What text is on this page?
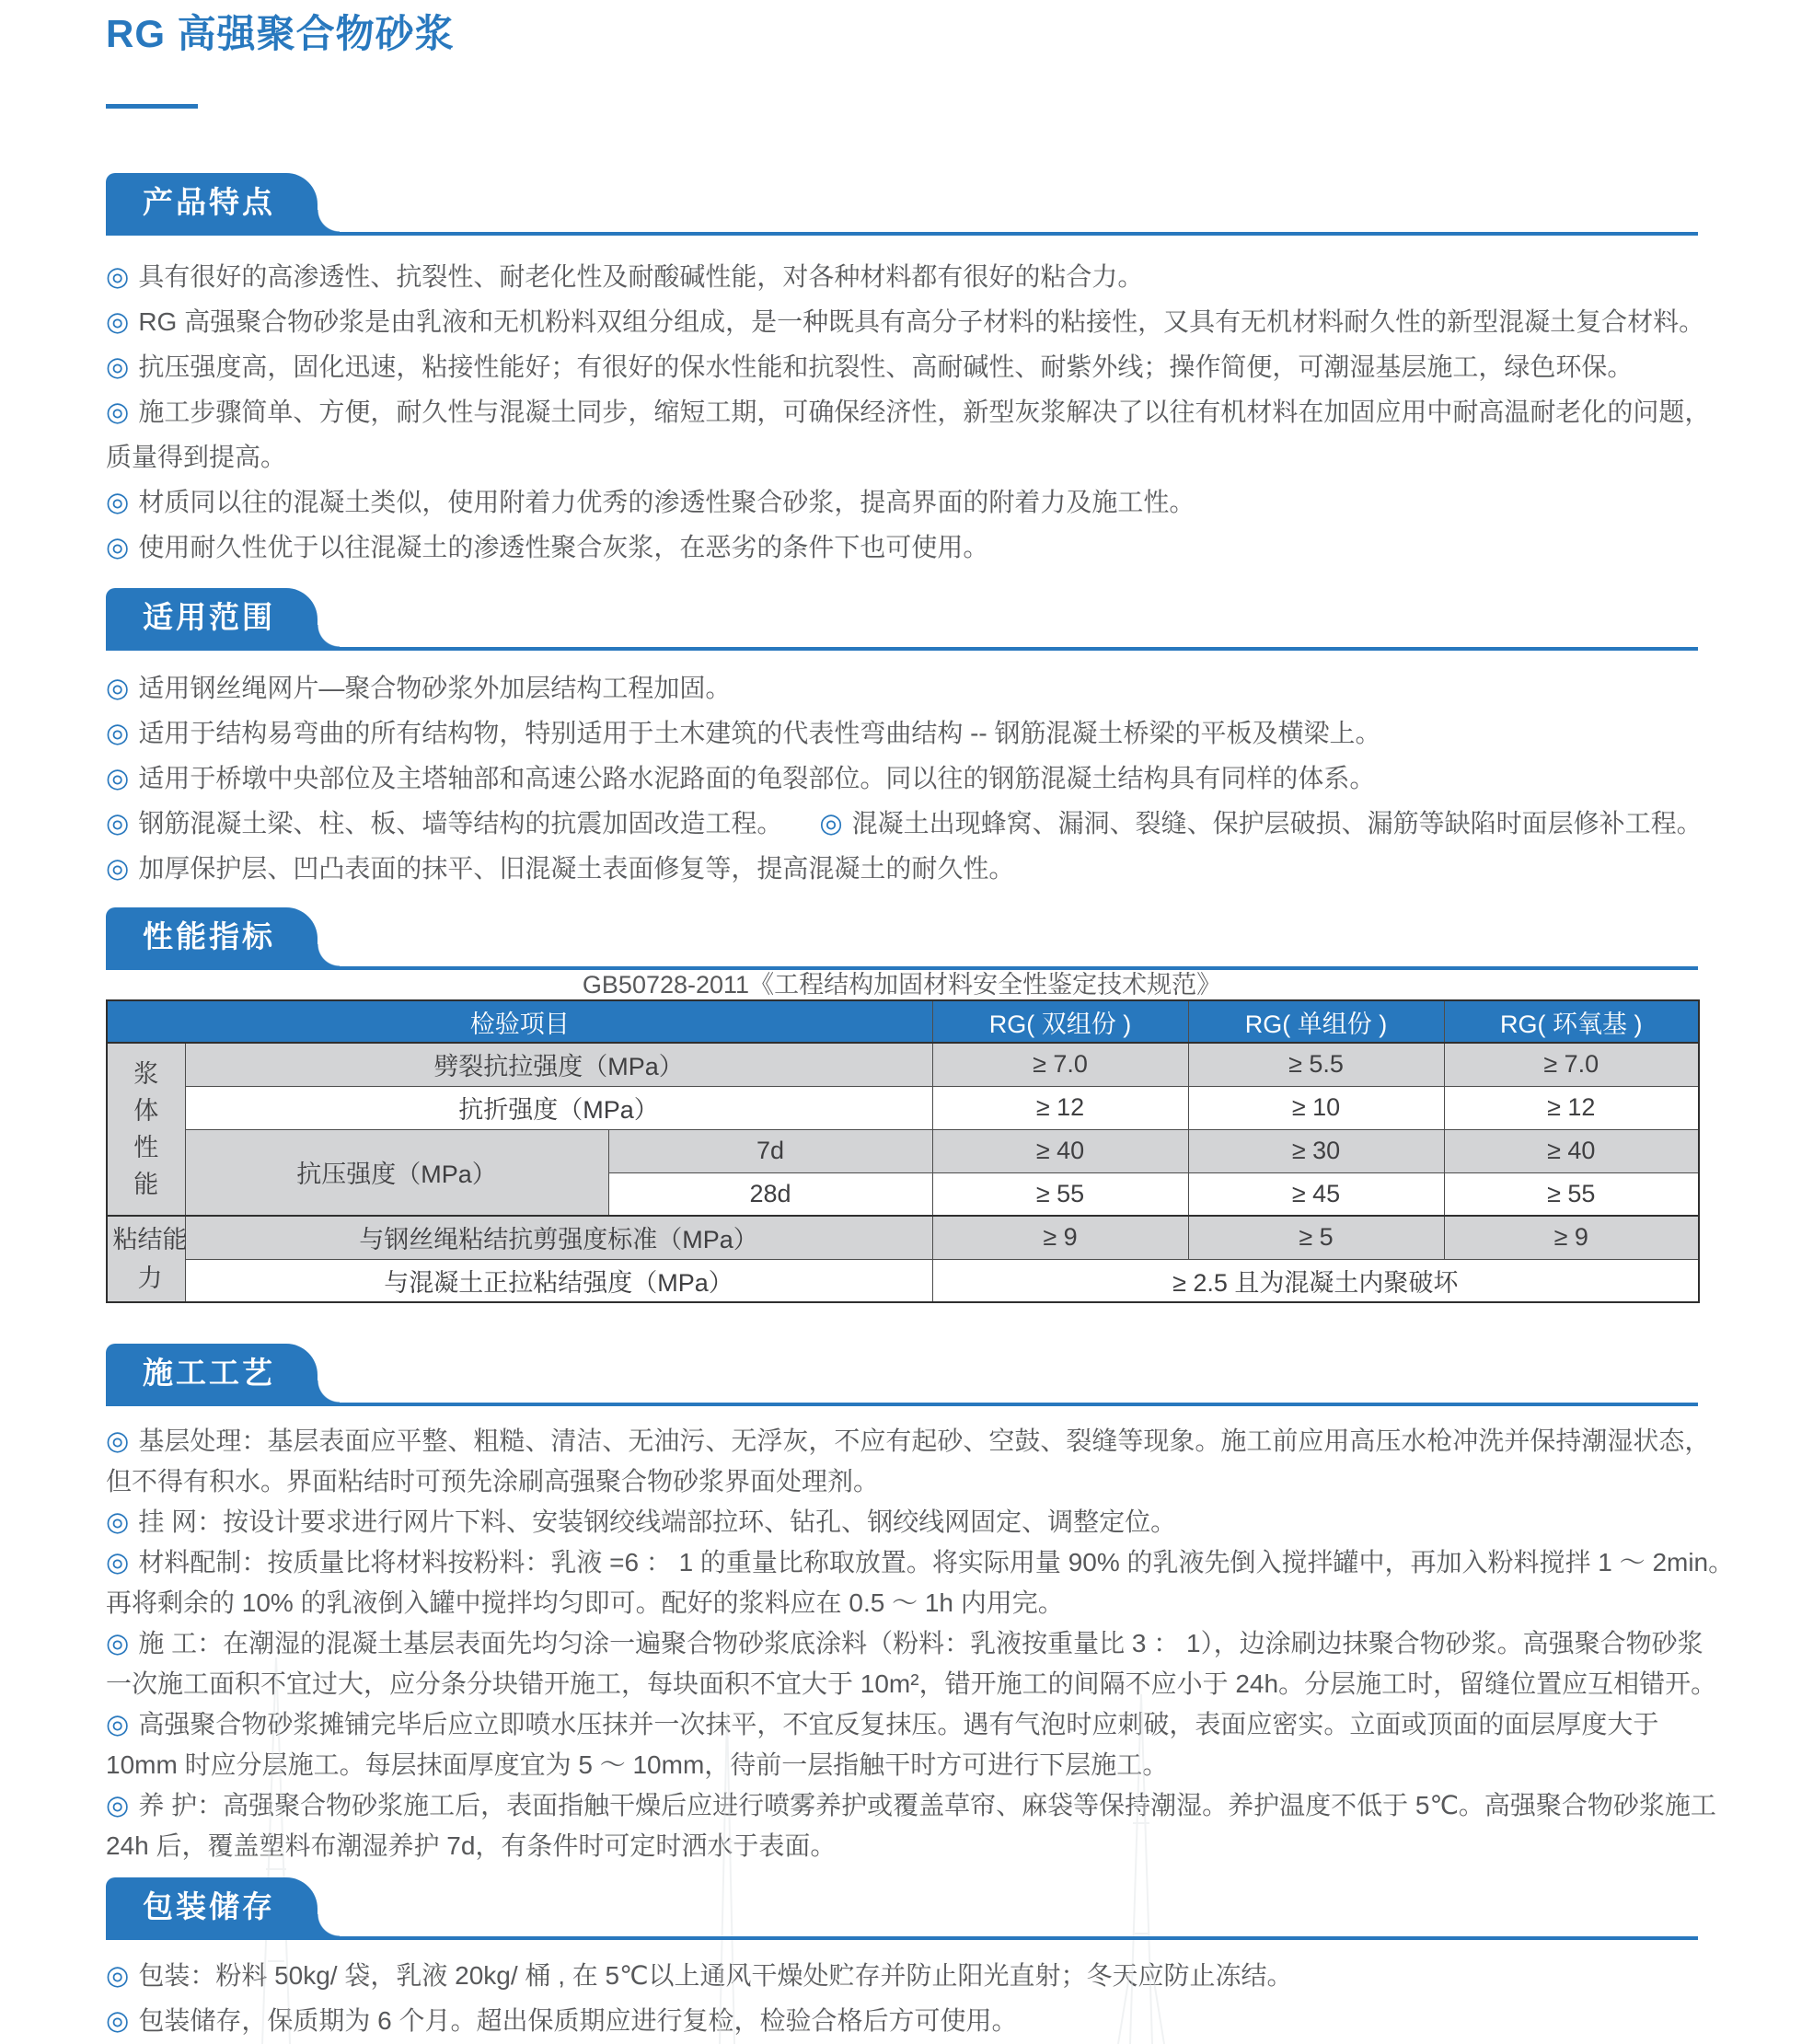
RG 高强聚合物砂浆
产品特点
◎ 具有很好的高渗透性、抗裂性、耐老化性及耐酸碱性能，对各种材料都有很好的粘合力。
◎ RG 高强聚合物砂浆是由乳液和无机粉料双组分组成，是一种既具有高分子材料的粘接性，又具有无机材料耐久性的新型混凝土复合材料。
◎ 抗压强度高，固化迅速，粘接性能好；有很好的保水性能和抗裂性、高耐碱性、耐紫外线；操作简便，可潮湿基层施工，绿色环保。
◎ 施工步骤简单、方便，耐久性与混凝土同步，缩短工期，可确保经济性，新型灰浆解决了以往有机材料在加固应用中耐高温耐老化的问题，
质量得到提高。
◎ 材质同以往的混凝土类似，使用附着力优秀的渗透性聚合砂浆，提高界面的附着力及施工性。
◎ 使用耐久性优于以往混凝土的渗透性聚合灰浆，在恶劣的条件下也可使用。
适用范围
◎ 适用钢丝绳网片—聚合物砂浆外加层结构工程加固。
◎ 适用于结构易弯曲的所有结构物，特别适用于土木建筑的代表性弯曲结构 -- 钢筋混凝土桥梁的平板及横梁上。
◎ 适用于桥墩中央部位及主塔轴部和高速公路水泥路面的龟裂部位。同以往的钢筋混凝土结构具有同样的体系。
◎ 钢筋混凝土梁、柱、板、墙等结构的抗震加固改造工程。 ◎ 混凝土出现蜂窝、漏洞、裂缝、保护层破损、漏筋等缺陷时面层修补工程。
◎ 加厚保护层、凹凸表面的抹平、旧混凝土表面修复等，提高混凝土的耐久性。
性能指标
GB50728-2011《工程结构加固材料安全性鉴定技术规范》
检验项目			RG( 双组份 )	RG( 单组份 )	RG( 环氧基 )
浆体性能	劈裂抗拉强度（MPa）		≥ 7.0	≥ 5.5	≥ 7.0
	抗折强度（MPa）		≥ 12	≥ 10	≥ 12
	抗压强度（MPa）	7d	≥ 40	≥ 30	≥ 40
		28d	≥ 55	≥ 45	≥ 55
粘结能力	与钢丝绳粘结抗剪强度标准（MPa）		≥ 9	≥ 5	≥ 9
	与混凝土正拉粘结强度（MPa）		≥ 2.5 且为混凝土内聚破坏		
施工工艺
◎ 基层处理：基层表面应平整、粗糙、清洁、无油污、无浮灰，不应有起砂、空鼓、裂缝等现象。施工前应用高压水枪冲洗并保持潮湿状态，
但不得有积水。界面粘结时可预先涂刷高强聚合物砂浆界面处理剂。
◎ 挂 网：按设计要求进行网片下料、安装钢绞线端部拉环、钻孔、钢绞线网固定、调整定位。
◎ 材料配制：按质量比将材料按粉料：乳液 =6 ： 1 的重量比称取放置。将实际用量 90% 的乳液先倒入搅拌罐中，再加入粉料搅拌 1 ～ 2min。
再将剩余的 10% 的乳液倒入罐中搅拌均匀即可。配好的浆料应在 0.5 ～ 1h 内用完。
◎ 施 工：在潮湿的混凝土基层表面先均匀涂一遍聚合物砂浆底涂料（粉料：乳液按重量比 3 ： 1），边涂刷边抹聚合物砂浆。高强聚合物砂浆
一次施工面积不宜过大，应分条分块错开施工，每块面积不宜大于 10m²，错开施工的间隔不应小于 24h。分层施工时，留缝位置应互相错开。
◎ 高强聚合物砂浆摊铺完毕后应立即喷水压抹并一次抹平，不宜反复抹压。遇有气泡时应刺破，表面应密实。立面或顶面的面层厚度大于
10mm 时应分层施工。每层抹面厚度宜为 5 ～ 10mm，待前一层指触干时方可进行下层施工。
◎ 养 护：高强聚合物砂浆施工后，表面指触干燥后应进行喷雾养护或覆盖草帘、麻袋等保持潮湿。养护温度不低于 5℃。高强聚合物砂浆施工
24h 后，覆盖塑料布潮湿养护 7d，有条件时可定时洒水于表面。
包装储存
◎ 包装：粉料 50kg/ 袋，乳液 20kg/ 桶 , 在 5℃以上通风干燥处贮存并防止阳光直射；冬天应防止冻结。
◎ 包装储存，保质期为 6 个月。超出保质期应进行复检，检验合格后方可使用。
